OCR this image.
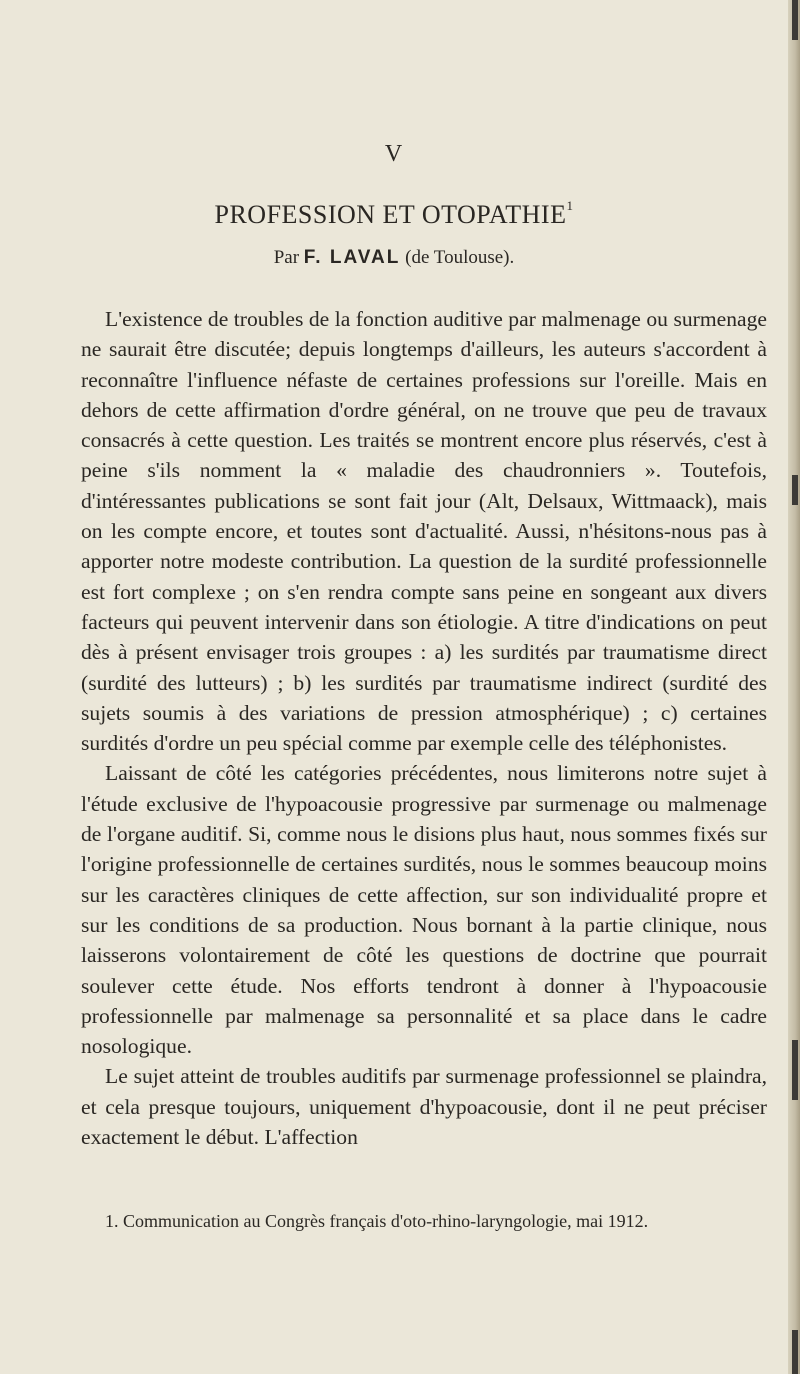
V
PROFESSION ET OTOPATHIE$^1$
Par F. LAVAL (de Toulouse).

L'existence de troubles de la fonction auditive par malmenage ou surmenage ne saurait être discutée; depuis longtemps d'ailleurs, les auteurs s'accordent à reconnaître l'influence néfaste de certaines professions sur l'oreille. Mais en dehors de cette affirmation d'ordre général, on ne trouve que peu de travaux consacrés à cette question. Les traités se montrent encore plus réservés, c'est à peine s'ils nomment la « maladie des chaudronniers ». Toutefois, d'intéressantes publications se sont fait jour (Alt, Delsaux, Wittmaack), mais on les compte encore, et toutes sont d'actualité. Aussi, n'hésitons-nous pas à apporter notre modeste contribution. La question de la surdité professionnelle est fort complexe ; on s'en rendra compte sans peine en songeant aux divers facteurs qui peuvent intervenir dans son étiologie. A titre d'indications on peut dès à présent envisager trois groupes : a) les surdités par traumatisme direct (surdité des lutteurs) ; b) les surdités par traumatisme indirect (surdité des sujets soumis à des variations de pression atmosphérique) ; c) certaines surdités d'ordre un peu spécial comme par exemple celle des téléphonistes.

Laissant de côté les catégories précédentes, nous limiterons notre sujet à l'étude exclusive de l'hypoacousie progressive par surmenage ou malmenage de l'organe auditif. Si, comme nous le disions plus haut, nous sommes fixés sur l'origine professionnelle de certaines surdités, nous le sommes beaucoup moins sur les caractères cliniques de cette affection, sur son individualité propre et sur les conditions de sa production. Nous bornant à la partie clinique, nous laisserons volontairement de côté les questions de doctrine que pourrait soulever cette étude. Nos efforts tendront à donner à l'hypoacousie professionnelle par malmenage sa personnalité et sa place dans le cadre nosologique.

Le sujet atteint de troubles auditifs par surmenage professionnel se plaindra, et cela presque toujours, uniquement d'hypoacousie, dont il ne peut préciser exactement le début. L'affection

1. Communication au Congrès français d'oto-rhino-laryngologie, mai 1912.
